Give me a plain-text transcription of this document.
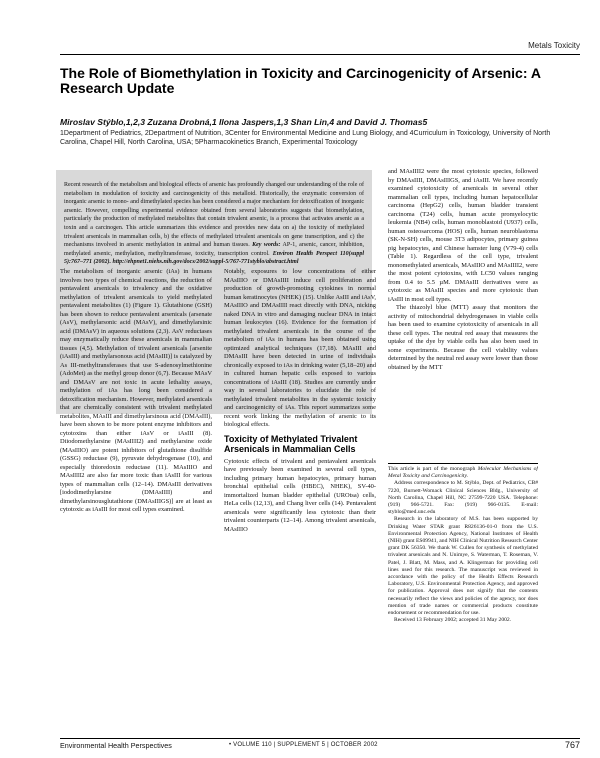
Metals Toxicity
The Role of Biomethylation in Toxicity and Carcinogenicity of Arsenic: A Research Update
Miroslav Stýblo,1,2,3 Zuzana Drobná,1 Ilona Jaspers,1,3 Shan Lin,4 and David J. Thomas5
1Department of Pediatrics, 2Department of Nutrition, 3Center for Environmental Medicine and Lung Biology, and 4Curriculum in Toxicology, University of North Carolina, Chapel Hill, North Carolina, USA; 5Pharmacokinetics Branch, Experimental Toxicology

Recent research of the metabolism and biological effects of arsenic has profoundly changed our understanding of the role of metabolism in modulation of toxicity and carcinogenicity of this metalloid. Historically, the enzymatic conversion of inorganic arsenic to mono- and dimethylated species has been considered a major mechanism for detoxification of inorganic arsenic. However, compelling experimental evidence obtained from several laboratories suggests that biomethylation, particularly the production of methylated metabolites that contain trivalent arsenic, is a process that activates arsenic as a toxin and a carcinogen. This article summarizes this evidence and provides new data on a) the toxicity of methylated trivalent arsenicals in mammalian cells, b) the effects of methylated trivalent arsenicals on gene transcription, and c) the mechanisms involved in arsenic methylation in animal and human tissues. Key words: AP-1, arsenic, cancer, inhibition, methylated arsenic, methylation, methyltransferase, toxicity, transcription control. Environ Health Perspect 110(suppl 5):767–771 (2002). http://ehpnet1.niehs.nih.gov/docs/2002/suppl-5/767-771styblo/abstract.html

The metabolism of inorganic arsenic (iAs) in humans involves two types of chemical reactions, the reduction of pentavalent arsenicals to trivalency and the oxidative methylation of trivalent arsenicals to yield methylated pentavalent metabolites (1) (Figure 1). Glutathione (GSH) has been shown to reduce pentavalent arsenicals (arsenate (AsV), methylarsonic acid (MAsV), and dimethylarsinic acid (DMAsV) in aqueous solutions (2,3). AsV reductases may enzymatically reduce these arsenicals in mammalian tissues (4,5). Methylation of trivalent arsenicals [arsenite (iAsIII) and methylarsonous acid (MAsIII)] is catalyzed by As III-methyltransferases that use S-adenosylmethionine (AdoMet) as the methyl group donor (6,7). Because MAsV and DMAsV are not toxic in acute lethality assays, methylation of iAs has long been considered a detoxification mechanism. However, methylated arsenicals that are chemically consistent with trivalent methylated metabolites, MAsIII and dimethylarsinous acid (DMAsIII), have been shown to be more potent enzyme inhibitors and cytotoxins than either iAsV or iAsIII (8). Diiodomethylarsine (MAsIIII2) and methylarsine oxide (MAsIIIO) are potent inhibitors of glutathione disulfide (GSSG) reductase (9), pyruvate dehydrogenase (10), and especially thioredoxin reductase (11). MAsIIIO and MAsIIII2 are also far more toxic than iAsIII for various types of mammalian cells (12–14). DMAsIII derivatives [iododimethylarsine (DMAsIIII) and dimethylarsinousglutathione (DMAsIIIGS)] are at least as cytotoxic as iAsIII for most cell types examined.

Notably, exposures to low concentrations of either MAsIIIO or DMAsIIII induce cell proliferation and production of growth-promoting cytokines in normal human keratinocytes (NHEK) (15). Unlike AsIII and iAsV, MAsIIIO and DMAsIIII react directly with DNA, nicking naked DNA in vitro and damaging nuclear DNA in intact human leukocytes (16). Evidence for the formation of methylated trivalent arsenicals in the course of the metabolism of iAs in humans has been obtained using optimized analytical techniques (17,18). MAsIII and DMAsIII have been detected in urine of individuals chronically exposed to iAs in drinking water (5,18–20) and in cultured human hepatic cells exposed to various concentrations of iAsIII (18). Studies are currently under way in several laboratories to elucidate the role of methylated trivalent metabolites in the systemic toxicity and carcinogenicity of iAs. This report summarizes some recent work linking the methylation of arsenic to its biological effects.

Toxicity of Methylated Trivalent Arsenicals in Mammalian Cells

Cytotoxic effects of trivalent and pentavalent arsenicals have previously been examined in several cell types, including primary human hepatocytes, primary human bronchial epithelial cells (HBEC), NHEK), SV-40-immortalized human bladder epithelial (UROtsa) cells, HeLa cells (12,13), and Chang liver cells (14). Pentavalent arsenicals were significantly less cytotoxic than their trivalent counterparts (12–14). Among trivalent arsenicals, MAsIIIO

and MAsIIII2 were the most cytotoxic species, followed by DMAsIIII, DMAsIIIGS, and iAsIII. We have recently examined cytotoxicity of arsenicals in several other mammalian cell types, including human hepatocellular carcinoma (HepG2) cells, human bladder transient carcinoma (T24) cells, human acute promyelocytic leukemia (NB4) cells, human monoblastoid (U937) cells, human osteosarcoma (HOS) cells, human neuroblastoma (SK-N-SH) cells, mouse 3T3 adipocytes, primary guinea pig hepatocytes, and Chinese hamster lung (V79-4) cells (Table 1). Regardless of the cell type, trivalent monomethylated arsenicals, MAsIIIO and MAsIIII2, were the most potent cytotoxins, with LC50 values ranging from 0.4 to 5.5 µM. DMAsIII derivatives were as cytotoxic as MAsIII species and more cytotoxic than iAsIII in most cell types.

The thiazolyl blue (MTT) assay that monitors the activity of mitochondrial dehydrogenases in viable cells has been used to examine cytotoxicity of arsenicals in all these cell types. The neutral red assay that measures the uptake of the dye by viable cells has also been used in some experiments. Because the cell viability values determined by the neutral red assay were lower than those obtained by the MTT

This article is part of the monograph Molecular Mechanisms of Metal Toxicity and Carcinogenicity.

Address correspondence to M. Stýblo, Dept. of Pediatrics, CB# 7220, Burnett-Womack Clinical Sciences Bldg., University of North Carolina, Chapel Hill, NC 27599-7220 USA. Telephone: (919) 966-5721. Fax: (919) 966-0135. E-mail: styblo@med.unc.edu

Research in the laboratory of M.S. has been supported by Drinking Water STAR grant R826136-01-0 from the U.S. Environmental Protection Agency, National Institutes of Health (NIH) grant ES09941, and NIH Clinical Nutrition Research Center grant DK 56350. We thank W. Cullen for synthesis of methylated trivalent arsenicals and N. Unimye, S. Waterman, T. Roseman, V. Patel, J. Blatt, M. Mass, and A. Klingerman for providing cell lines used for this research. The manuscript was reviewed in accordance with the policy of the Health Effects Research Laboratory, U.S. Environmental Protection Agency, and approved for publication. Approval does not signify that the contents necessarily reflect the views and policies of the agency, nor does mention of trade names or commercial products constitute endorsement or recommendation for use.

Received 13 February 2002; accepted 31 May 2002.

Environmental Health Perspectives	• VOLUME 110 | SUPPLEMENT 5 | OCTOBER 2002	767
